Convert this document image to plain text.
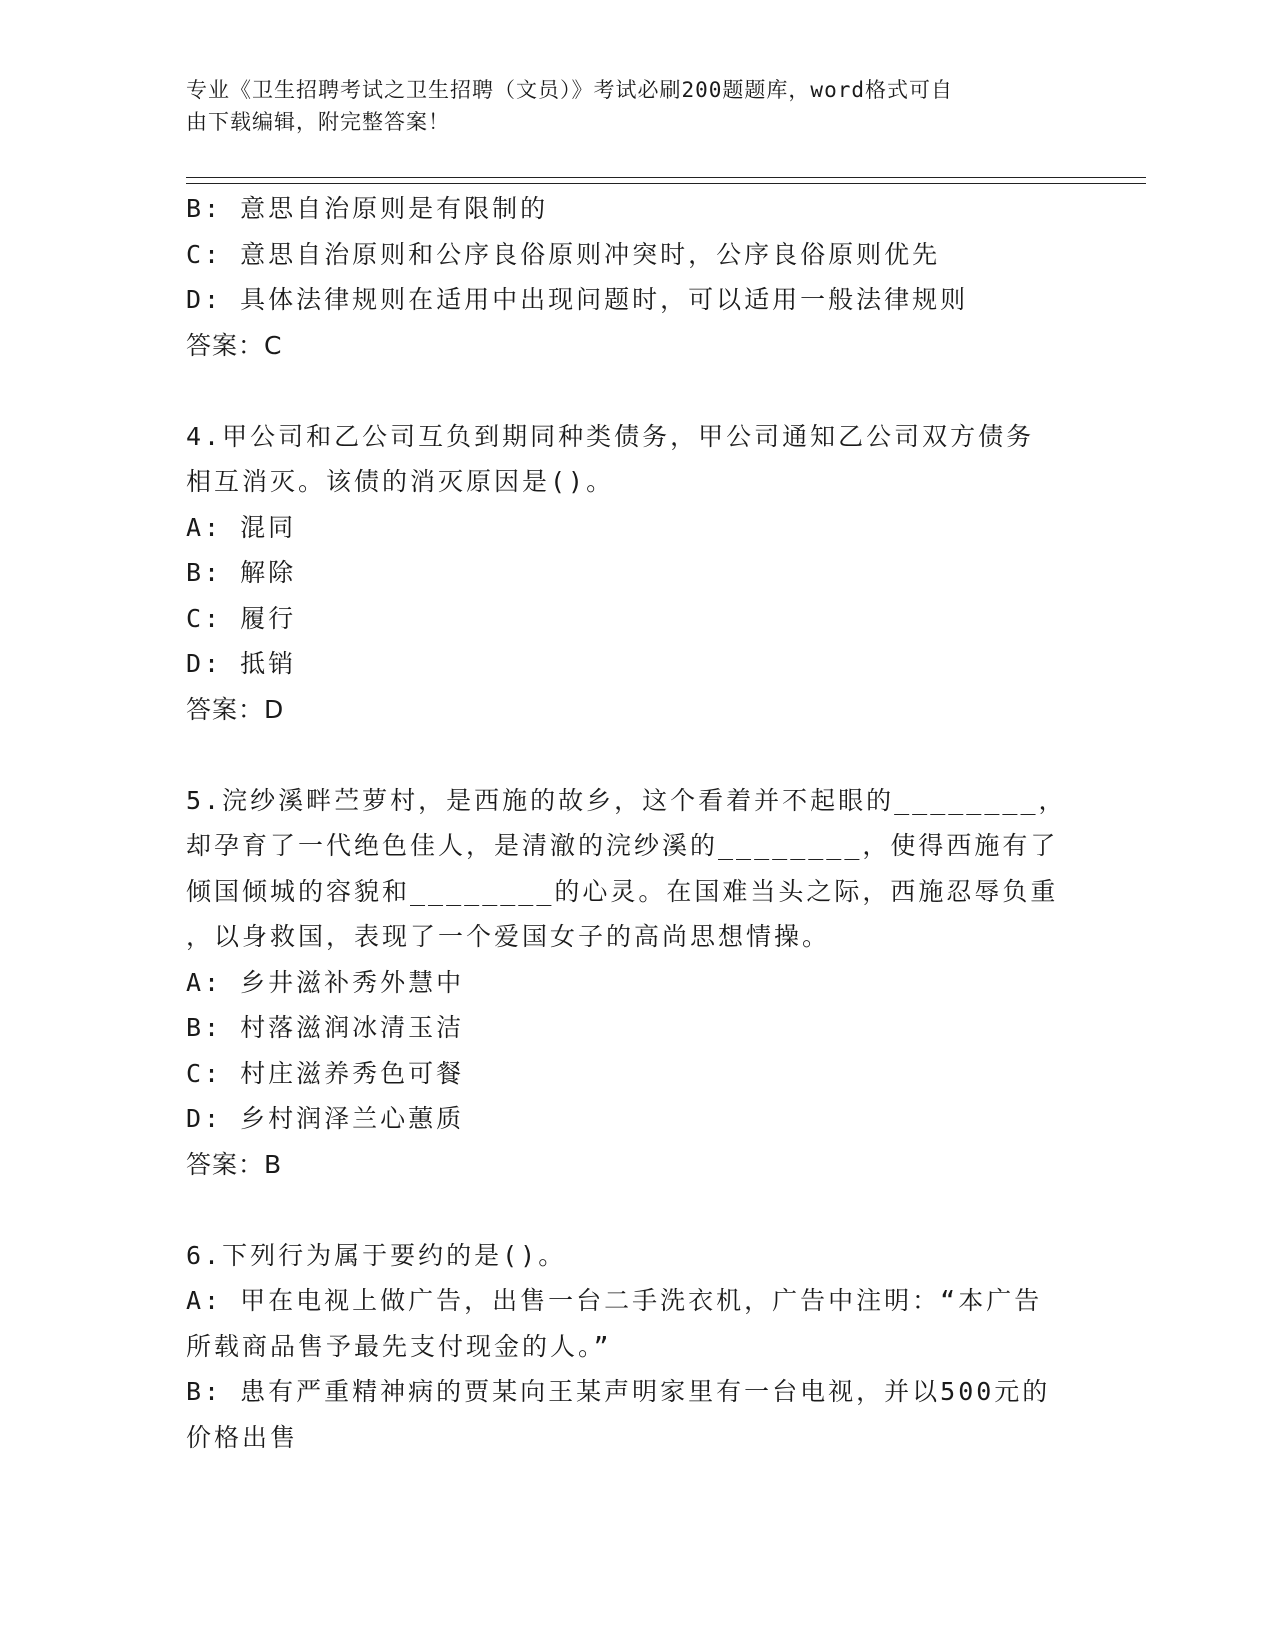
专业《卫生招聘考试之卫生招聘（文员）》考试必刷200题题库，word格式可自
由下载编辑，附完整答案！
B: 意思自治原则是有限制的
C: 意思自治原则和公序良俗原则冲突时，公序良俗原则优先
D: 具体法律规则在适用中出现问题时，可以适用一般法律规则
答案：C
4.甲公司和乙公司互负到期同种类债务，甲公司通知乙公司双方债务
相互消灭。该债的消灭原因是()。
A: 混同
B: 解除
C: 履行
D: 抵销
答案：D
5.浣纱溪畔苎萝村，是西施的故乡，这个看着并不起眼的________，
却孕育了一代绝色佳人，是清澈的浣纱溪的________，使得西施有了
倾国倾城的容貌和________的心灵。在国难当头之际，西施忍辱负重
，以身救国，表现了一个爱国女子的高尚思想情操。
A: 乡井滋补秀外慧中
B: 村落滋润冰清玉洁
C: 村庄滋养秀色可餐
D: 乡村润泽兰心蕙质
答案：B
6.下列行为属于要约的是()。
A: 甲在电视上做广告，出售一台二手洗衣机，广告中注明：“本广告
所载商品售予最先支付现金的人。”
B: 患有严重精神病的贾某向王某声明家里有一台电视，并以500元的
价格出售
